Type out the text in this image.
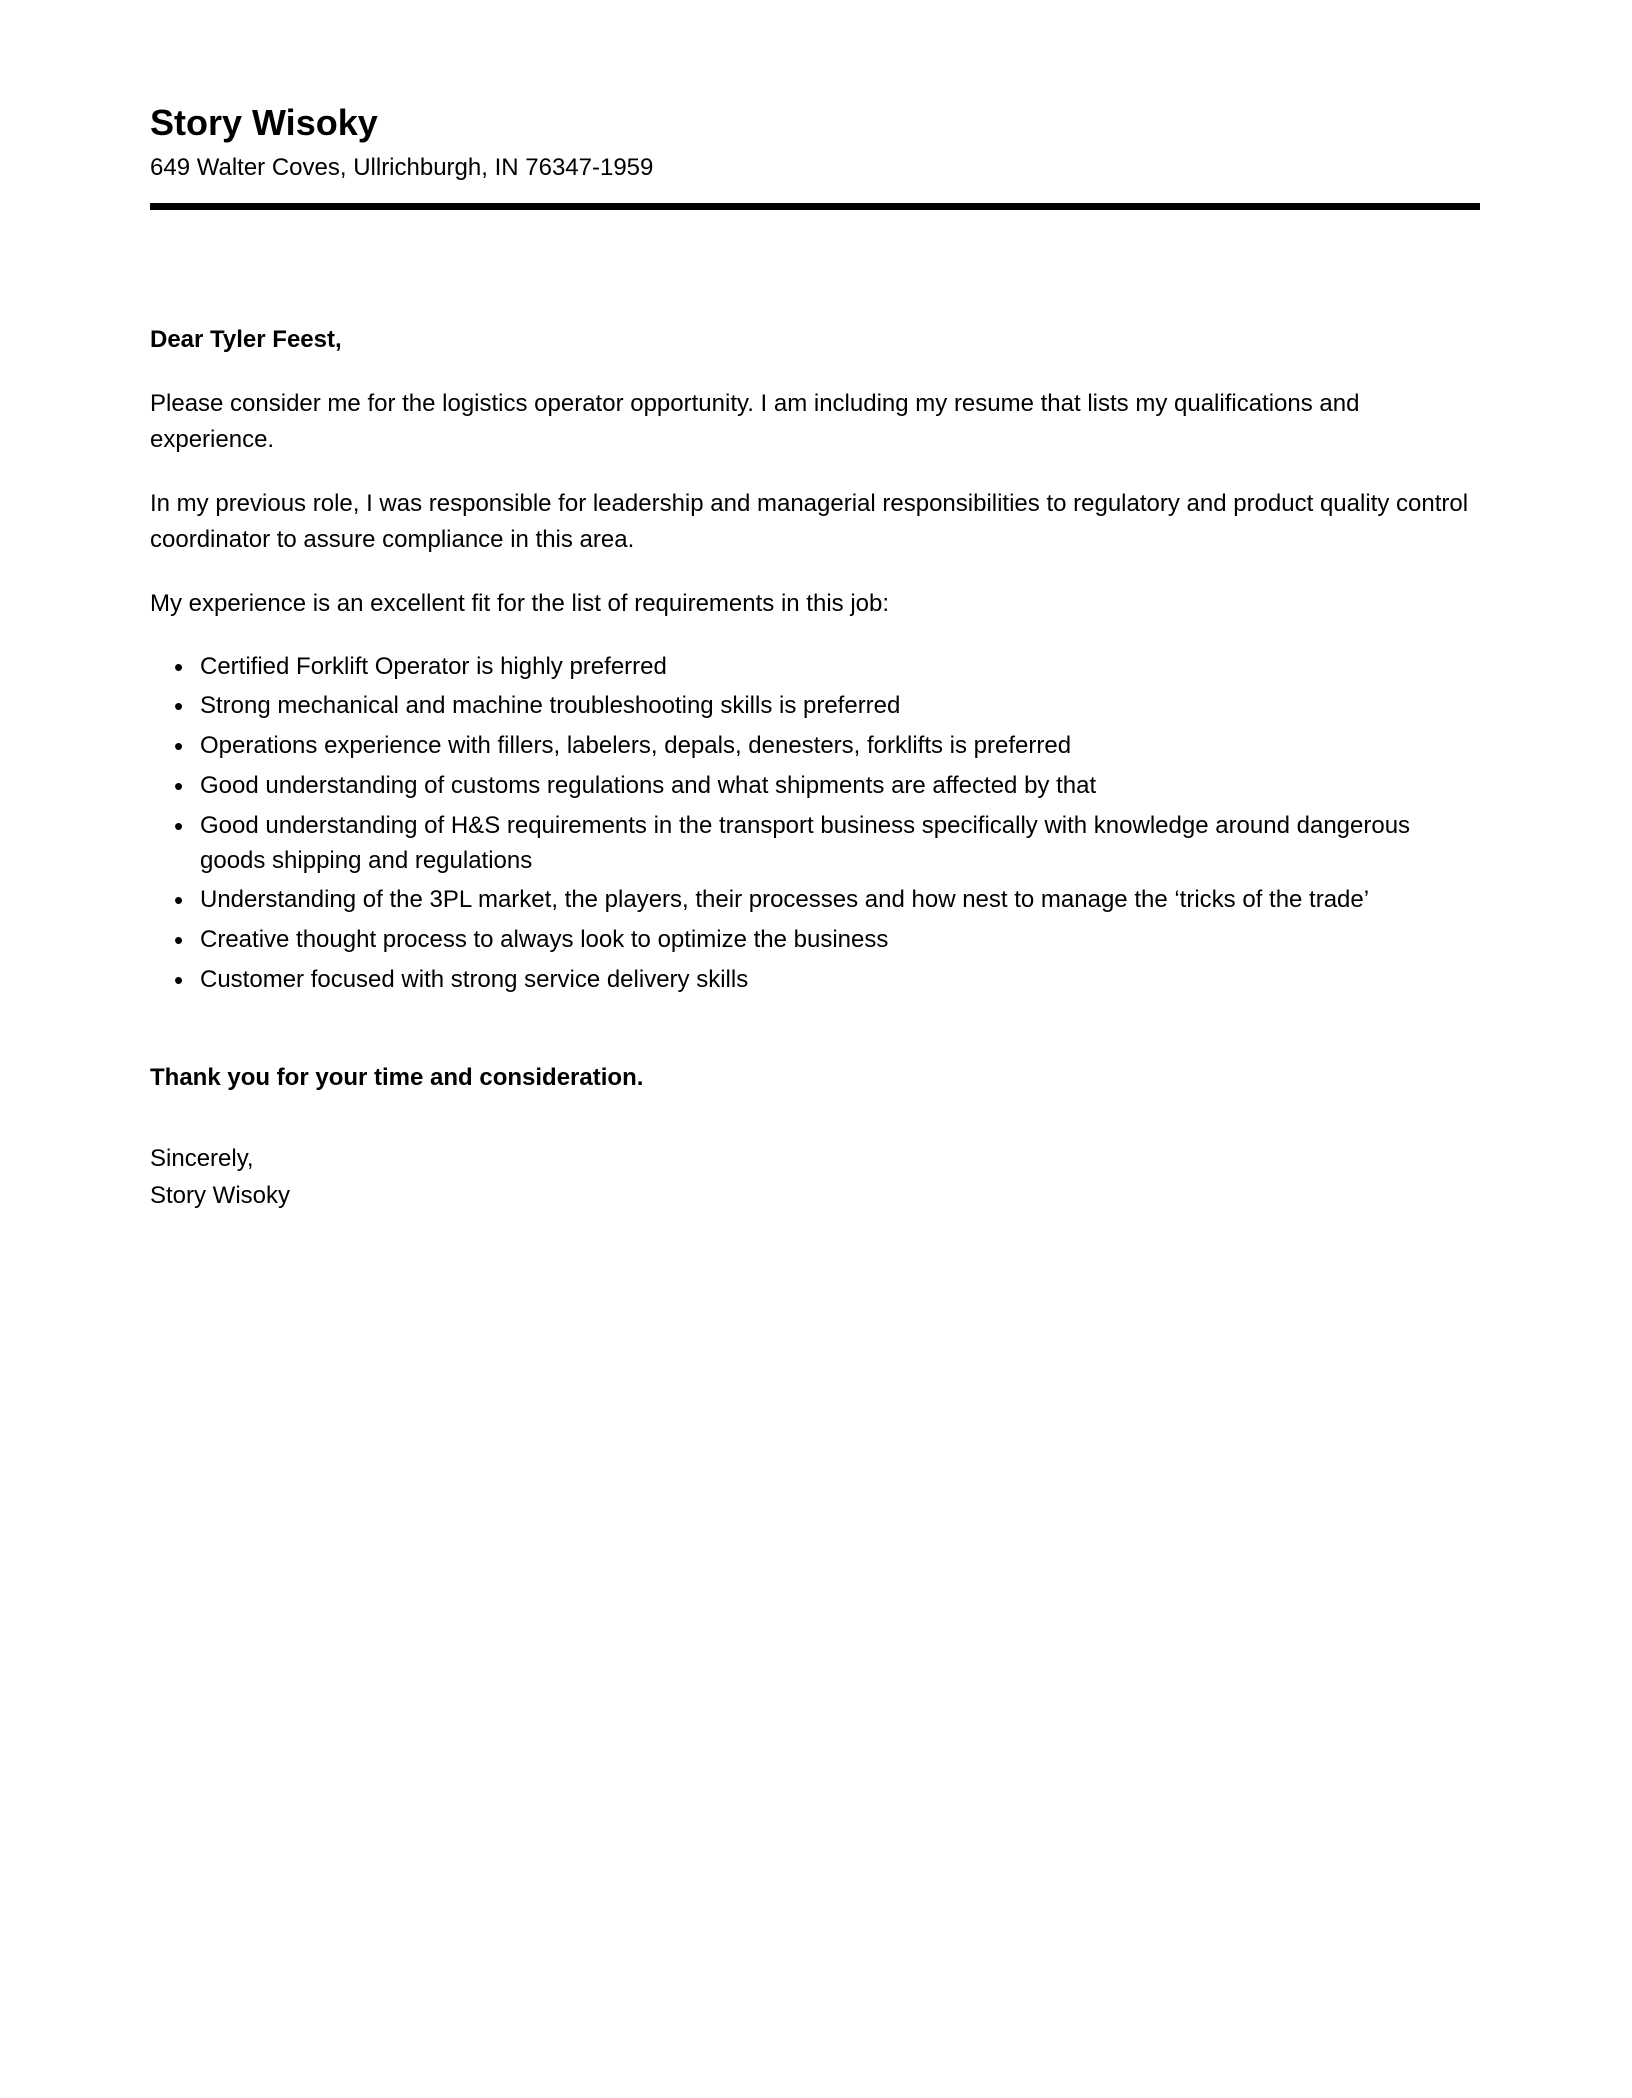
Story Wisoky
649 Walter Coves, Ullrichburgh, IN 76347-1959
Dear Tyler Feest,

Please consider me for the logistics operator opportunity. I am including my resume that lists my qualifications and experience.

In my previous role, I was responsible for leadership and managerial responsibilities to regulatory and product quality control coordinator to assure compliance in this area.

My experience is an excellent fit for the list of requirements in this job:

• Certified Forklift Operator is highly preferred
• Strong mechanical and machine troubleshooting skills is preferred
• Operations experience with fillers, labelers, depals, denesters, forklifts is preferred
• Good understanding of customs regulations and what shipments are affected by that
• Good understanding of H&S requirements in the transport business specifically with knowledge around dangerous goods shipping and regulations
• Understanding of the 3PL market, the players, their processes and how nest to manage the ‘tricks of the trade’
• Creative thought process to always look to optimize the business
• Customer focused with strong service delivery skills
Thank you for your time and consideration.
Sincerely,
Story Wisoky
